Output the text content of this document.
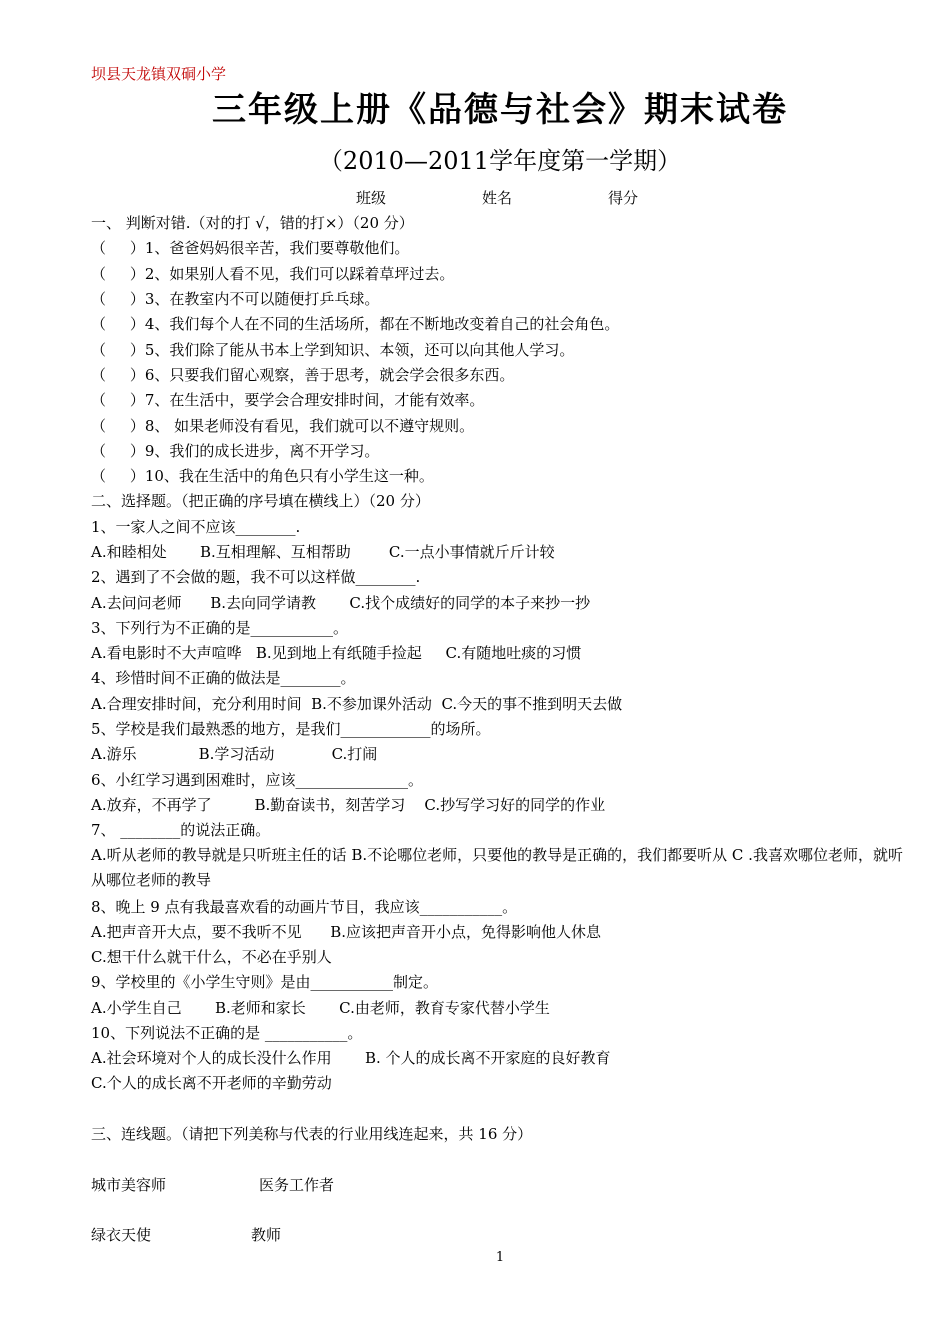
坝县天龙镇双硐小学
三年级上册《品德与社会》期末试卷
（2010—2011学年度第一学期）
班级	姓名	得分
一、 判断对错.（对的打 √，错的打×）（20 分）
（     ）1、爸爸妈妈很辛苦，我们要尊敬他们。
（     ）2、如果别人看不见，我们可以踩着草坪过去。
（     ）3、在教室内不可以随便打乒乓球。
（     ）4、我们每个人在不同的生活场所，都在不断地改变着自己的社会角色。
（     ）5、我们除了能从书本上学到知识、本领，还可以向其他人学习。
（     ）6、只要我们留心观察，善于思考，就会学会很多东西。
（     ）7、在生活中，要学会合理安排时间，才能有效率。
（     ）8、 如果老师没有看见，我们就可以不遵守规则。
（     ）9、我们的成长进步，离不开学习。
（     ）10、我在生活中的角色只有小学生这一种。
二、选择题。（把正确的序号填在横线上）（20 分）
1、一家人之间不应该________.
A.和睦相处       B.互相理解、互相帮助        C.一点小事情就斤斤计较
2、遇到了不会做的题，我不可以这样做________.
A.去问问老师      B.去向同学请教       C.找个成绩好的同学的本子来抄一抄
3、下列行为不正确的是___________。
A.看电影时不大声喧哗   B.见到地上有纸随手捡起     C.有随地吐痰的习惯
4、珍惜时间不正确的做法是________。
A.合理安排时间，充分利用时间  B.不参加课外活动  C.今天的事不推到明天去做
5、学校是我们最熟悉的地方，是我们____________的场所。
A.游乐             B.学习活动            C.打闹
6、小红学习遇到困难时，应该_______________。
A.放弃，不再学了         B.勤奋读书，刻苦学习    C.抄写学习好的同学的作业
7、 ________的说法正确。
A.听从老师的教导就是只听班主任的话 B.不论哪位老师，只要他的教导是正确的，我们都要听从 C .我喜欢哪位老师，就听从哪位老师的教导
8、晚上 9 点有我最喜欢看的动画片节目，我应该___________。
A.把声音开大点，要不我听不见      B.应该把声音开小点，免得影响他人休息
C.想干什么就干什么，不必在乎别人
9、学校里的《小学生守则》是由___________制定。
A.小学生自己       B.老师和家长       C.由老师，教育专家代替小学生
10、下列说法不正确的是 ___________。
A.社会环境对个人的成长没什么作用       B. 个人的成长离不开家庭的良好教育
C.个人的成长离不开老师的辛勤劳动
三、连线题。（请把下列美称与代表的行业用线连起来，共 16 分）
城市美容师	医务工作者
绿衣天使	教师
1
